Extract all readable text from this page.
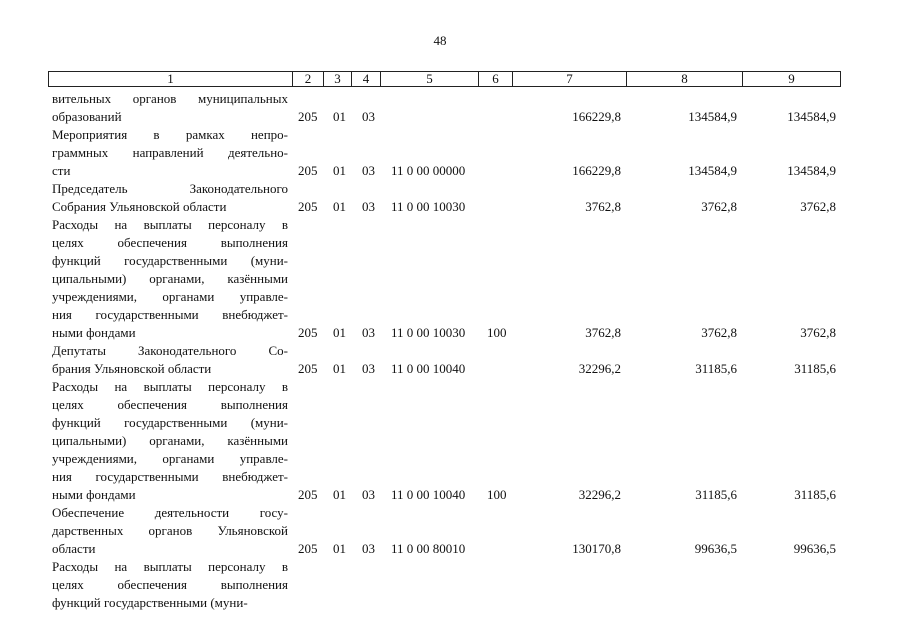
48
1	2	3	4	5	6	7	8	9
вительных органов муниципальных
образований	205 01 03	166229,8	134584,9	134584,9
Мероприятия в рамках непро-
граммных направлений деятельно-
сти	205 01 03 11 0 00 00000	166229,8	134584,9	134584,9
Председатель Законодательного
Собрания Ульяновской области	205 01 03 11 0 00 10030	3762,8	3762,8	3762,8
Расходы на выплаты персоналу в
целях обеспечения выполнения
функций государственными (муни-
ципальными) органами, казёнными
учреждениями, органами управле-
ния государственными внебюджет-
ными фондами	205 01 03 11 0 00 10030 100	3762,8	3762,8	3762,8
Депутаты Законодательного Со-
брания Ульяновской области	205 01 03 11 0 00 10040	32296,2	31185,6	31185,6
Расходы на выплаты персоналу в
целях обеспечения выполнения
функций государственными (муни-
ципальными) органами, казёнными
учреждениями, органами управле-
ния государственными внебюджет-
ными фондами	205 01 03 11 0 00 10040 100	32296,2	31185,6	31185,6
Обеспечение деятельности госу-
дарственных органов Ульяновской
области	205 01 03 11 0 00 80010	130170,8	99636,5	99636,5
Расходы на выплаты персоналу в
целях обеспечения выполнения
функций государственными (муни-
